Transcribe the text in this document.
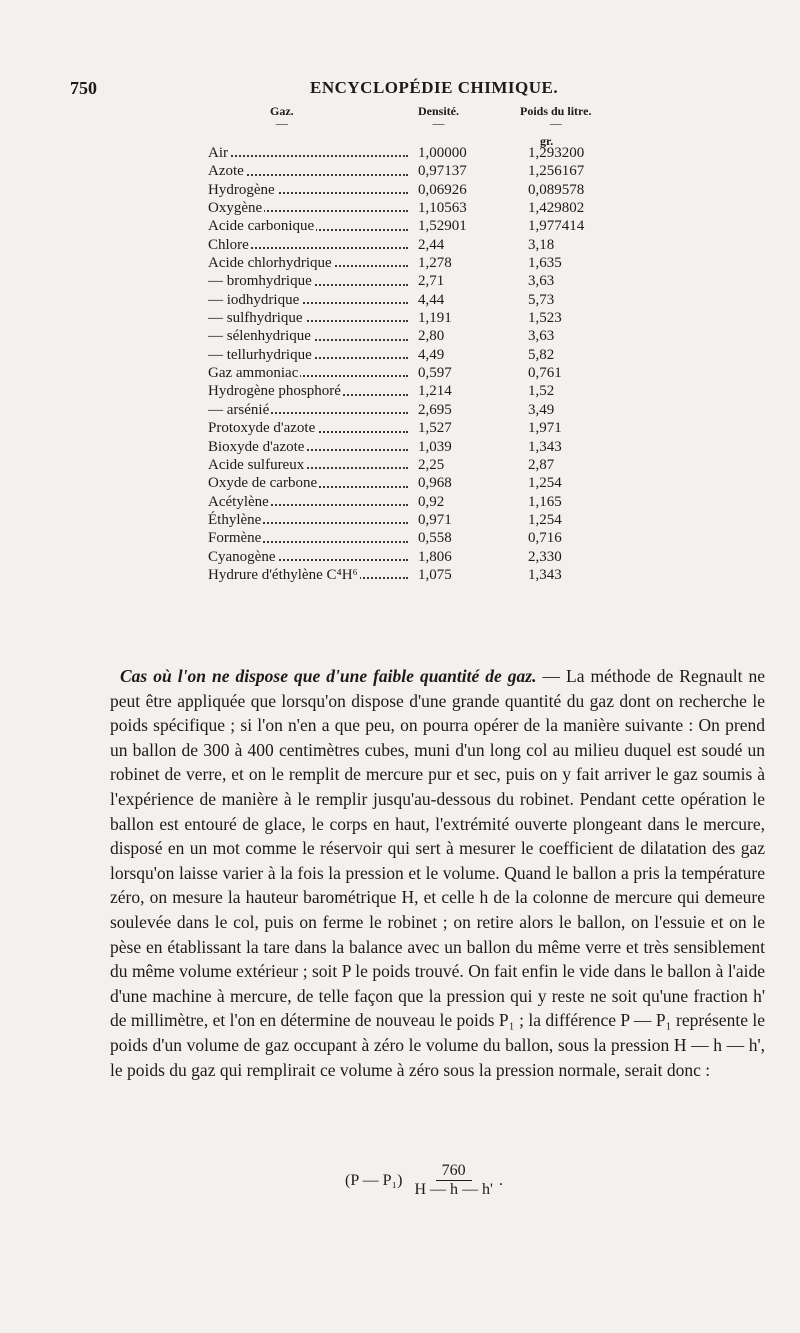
750	ENCYCLOPÉDIE CHIMIQUE.
Gaz.
—
Densité.
—
Poids du litre.
—
gr.
Air	1,00000	1,293200
Azote	0,97137	1,256167
Hydrogène	0,06926	0,089578
Oxygène	1,10563	1,429802
Acide carbonique	1,52901	1,977414
Chlore	2,44	3,18
Acide chlorhydrique	1,278	1,635
— bromhydrique	2,71	3,63
— iodhydrique	4,44	5,73
— sulfhydrique	1,191	1,523
— sélenhydrique	2,80	3,63
— tellurhydrique	4,49	5,82
Gaz ammoniac	0,597	0,761
Hydrogène phosphoré	1,214	1,52
— arsénié	2,695	3,49
Protoxyde d'azote	1,527	1,971
Bioxyde d'azote	1,039	1,343
Acide sulfureux	2,25	2,87
Oxyde de carbone	0,968	1,254
Acétylène	0,92	1,165
Éthylène	0,971	1,254
Formène	0,558	0,716
Cyanogène	1,806	2,330
Hydrure d'éthylène C⁴H⁶	1,075	1,343

Cas où l'on ne dispose que d'une faible quantité de gaz. — La méthode de Regnault ne peut être appliquée que lorsqu'on dispose d'une grande quantité du gaz dont on recherche le poids spécifique ; si l'on n'en a que peu, on pourra opérer de la manière suivante : On prend un ballon de 300 à 400 centimètres cubes, muni d'un long col au milieu duquel est soudé un robinet de verre, et on le remplit de mercure pur et sec, puis on y fait arriver le gaz soumis à l'expérience de manière à le remplir jusqu'au-dessous du robinet. Pendant cette opération le ballon est entouré de glace, le corps en haut, l'extrémité ouverte plongeant dans le mercure, disposé en un mot comme le réservoir qui sert à mesurer le coefficient de dilatation des gaz lorsqu'on laisse varier à la fois la pression et le volume. Quand le ballon a pris la température zéro, on mesure la hauteur barométrique H, et celle h de la colonne de mercure qui demeure soulevée dans le col, puis on ferme le robinet ; on retire alors le ballon, on l'essuie et on le pèse en établissant la tare dans la balance avec un ballon du même verre et très sensiblement du même volume extérieur ; soit P le poids trouvé. On fait enfin le vide dans le ballon à l'aide d'une machine à mercure, de telle façon que la pression qui y reste ne soit qu'une fraction h' de millimètre, et l'on en détermine de nouveau le poids P₁ ; la différence P — P₁ représente le poids d'un volume de gaz occupant à zéro le volume du ballon, sous la pression H — h — h', le poids du gaz qui remplirait ce volume à zéro sous la pression normale, serait donc :

(P — $P_1) \frac{760}{H — h — h'}$ .
